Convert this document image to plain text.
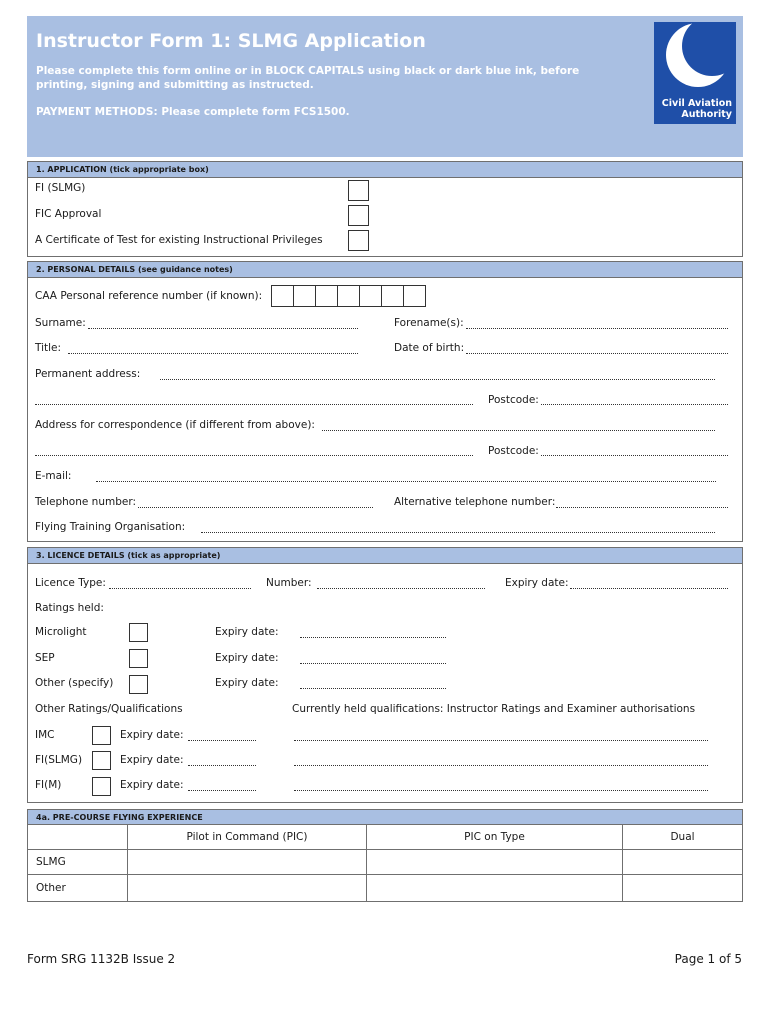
Instructor Form 1: SLMG Application
Please complete this form online or in BLOCK CAPITALS using black or dark blue ink, before
printing, signing and submitting as instructed.
PAYMENT METHODS: Please complete form FCS1500.
Civil Aviation
Authority
1. APPLICATION (tick appropriate box)
FI (SLMG)
FIC Approval
A Certificate of Test for existing Instructional Privileges
2. PERSONAL DETAILS (see guidance notes)
CAA Personal reference number (if known):
Surname:	Forename(s):
Title:	Date of birth:
Permanent address:
Postcode:
Address for correspondence (if different from above):
Postcode:
E-mail:
Telephone number:	Alternative telephone number:
Flying Training Organisation:
3. LICENCE DETAILS (tick as appropriate)
Licence Type:	Number:	Expiry date:
Ratings held:
Microlight	Expiry date:
SEP	Expiry date:
Other (specify)	Expiry date:
Other Ratings/Qualifications	Currently held qualifications: Instructor Ratings and Examiner authorisations
IMC	Expiry date:
FI(SLMG)	Expiry date:
FI(M)	Expiry date:
4a. PRE-COURSE FLYING EXPERIENCE			
	Pilot in Command (PIC)	PIC on Type	Dual
SLMG			
Other			
Form SRG 1132B Issue 2	Page 1 of 5
